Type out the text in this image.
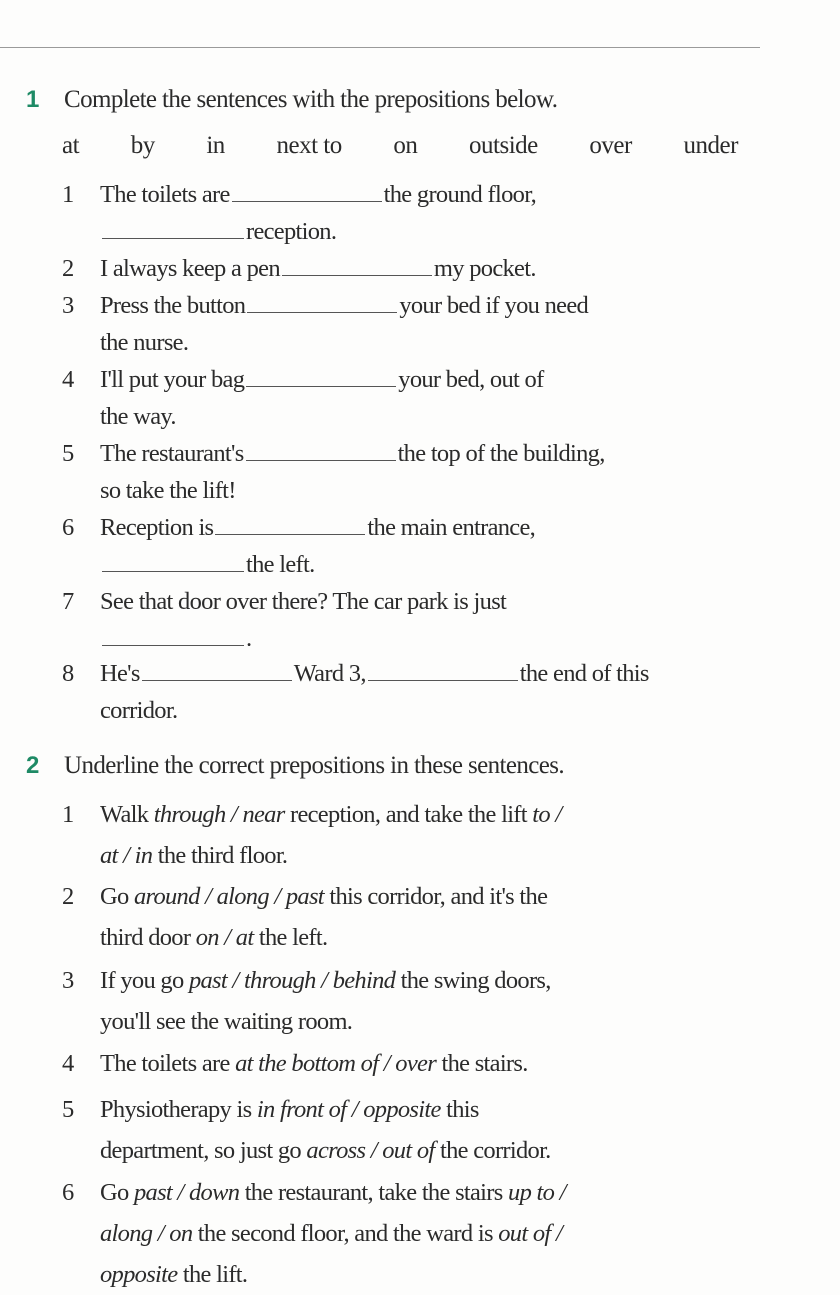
1	Complete the sentences with the prepositions below.
at by in next to on outside over under
1 The toilets are	the ground floor,
reception.
2 I always keep a pen	my pocket.
3 Press the button	your bed if you need
the nurse.
4 I'll put your bag	your bed, out of
the way.
5 The restaurant's	the top of the building,
so take the lift!
6 Reception is	the main entrance,
the left.
7 See that door over there? The car park is just
.
8 He's	Ward 3,	the end of this
corridor.
2	Underline the correct prepositions in these sentences.
1 Walk through / near reception, and take the lift to /
at / in the third floor.
2 Go around / along / past this corridor, and it's the
third door on / at the left.
3 If you go past / through / behind the swing doors,
you'll see the waiting room.
4 The toilets are at the bottom of / over the stairs.
5 Physiotherapy is in front of / opposite this
department, so just go across / out of the corridor.
6 Go past / down the restaurant, take the stairs up to /
along / on the second floor, and the ward is out of /
opposite the lift.
